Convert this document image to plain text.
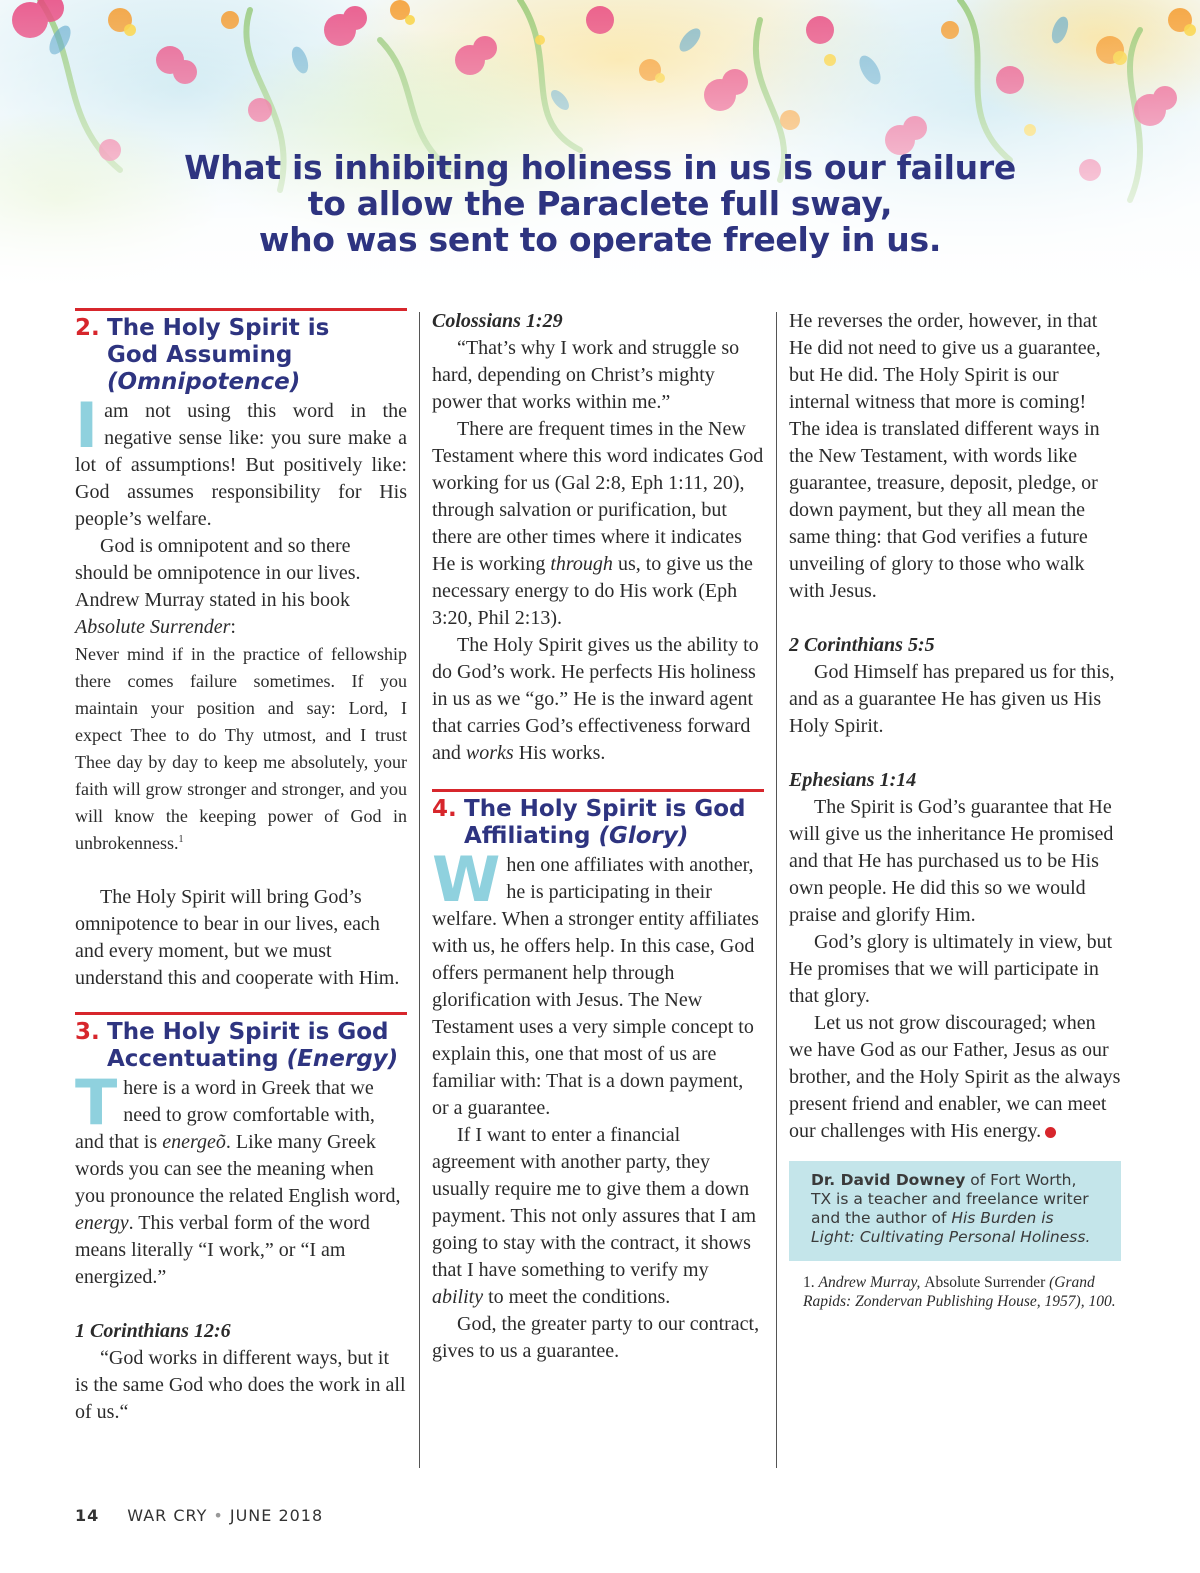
What is inhibiting holiness in us is our failure
to allow the Paraclete full sway,
who was sent to operate freely in us.
2. The Holy Spirit is
God Assuming
(Omnipotence)

Iam not using this word in the negative sense like: you sure make a lot of assumptions! But positively like: God assumes responsibility for His people’s welfare.

God is omnipotent and so there should be omnipotence in our lives. Andrew Murray stated in his book Absolute Surrender:

Never mind if in the practice of fellowship there comes failure sometimes. If you maintain your position and say: Lord, I expect Thee to do Thy utmost, and I trust Thee day by day to keep me absolutely, your faith will grow stronger and stronger, and you will know the keeping power of God in unbrokenness.$^1$

The Holy Spirit will bring God’s omnipotence to bear in our lives, each and every moment, but we must understand this and cooperate with Him.

3. The Holy Spirit is God
Accentuating (Energy)

There is a word in Greek that we need to grow comfortable with, and that is energeõ. Like many Greek words you can see the meaning when you pronounce the related English word, energy. This verbal form of the word means literally “I work,” or “I am energized.”

1 Corinthians 12:6

“God works in different ways, but it is the same God who does the work in all of us.“

Colossians 1:29

“That’s why I work and struggle so hard, depending on Christ’s mighty power that works within me.”

There are frequent times in the New Testament where this word indicates God working for us (Gal 2:8, Eph 1:11, 20), through salvation or purification, but there are other times where it indicates He is working through us, to give us the necessary energy to do His work (Eph 3:20, Phil 2:13).

The Holy Spirit gives us the ability to do God’s work. He perfects His holiness in us as we “go.” He is the inward agent that carries God’s effectiveness forward and works His works.

4. The Holy Spirit is God
Affiliating (Glory)

When one affiliates with another, he is participating in their welfare. When a stronger entity affiliates with us, he offers help. In this case, God offers permanent help through glorification with Jesus. The New Testament uses a very simple concept to explain this, one that most of us are familiar with: That is a down payment, or a guarantee.

If I want to enter a financial agreement with another party, they usually require me to give them a down payment. This not only assures that I am going to stay with the contract, it shows that I have something to verify my ability to meet the conditions.

God, the greater party to our contract, gives to us a guarantee.

He reverses the order, however, in that He did not need to give us a guarantee, but He did. The Holy Spirit is our internal witness that more is coming! The idea is translated different ways in the New Testament, with words like guarantee, treasure, deposit, pledge, or down payment, but they all mean the same thing: that God verifies a future unveiling of glory to those who walk with Jesus.

2 Corinthians 5:5

God Himself has prepared us for this, and as a guarantee He has given us His Holy Spirit.

Ephesians 1:14

The Spirit is God’s guarantee that He will give us the inheritance He promised and that He has purchased us to be His own people. He did this so we would praise and glorify Him.

God’s glory is ultimately in view, but He promises that we will participate in that glory.

Let us not grow discouraged; when we have God as our Father, Jesus as our brother, and the Holy Spirit as the always present friend and enabler, we can meet our challenges with His energy.

Dr. David Downey of Fort Worth, TX is a teacher and freelance writer and the author of His Burden is Light: Cultivating Personal Holiness.
1. Andrew Murray, Absolute Surrender (Grand Rapids: Zondervan Publishing House, 1957), 100.
14 WAR CRY • JUNE 2018
